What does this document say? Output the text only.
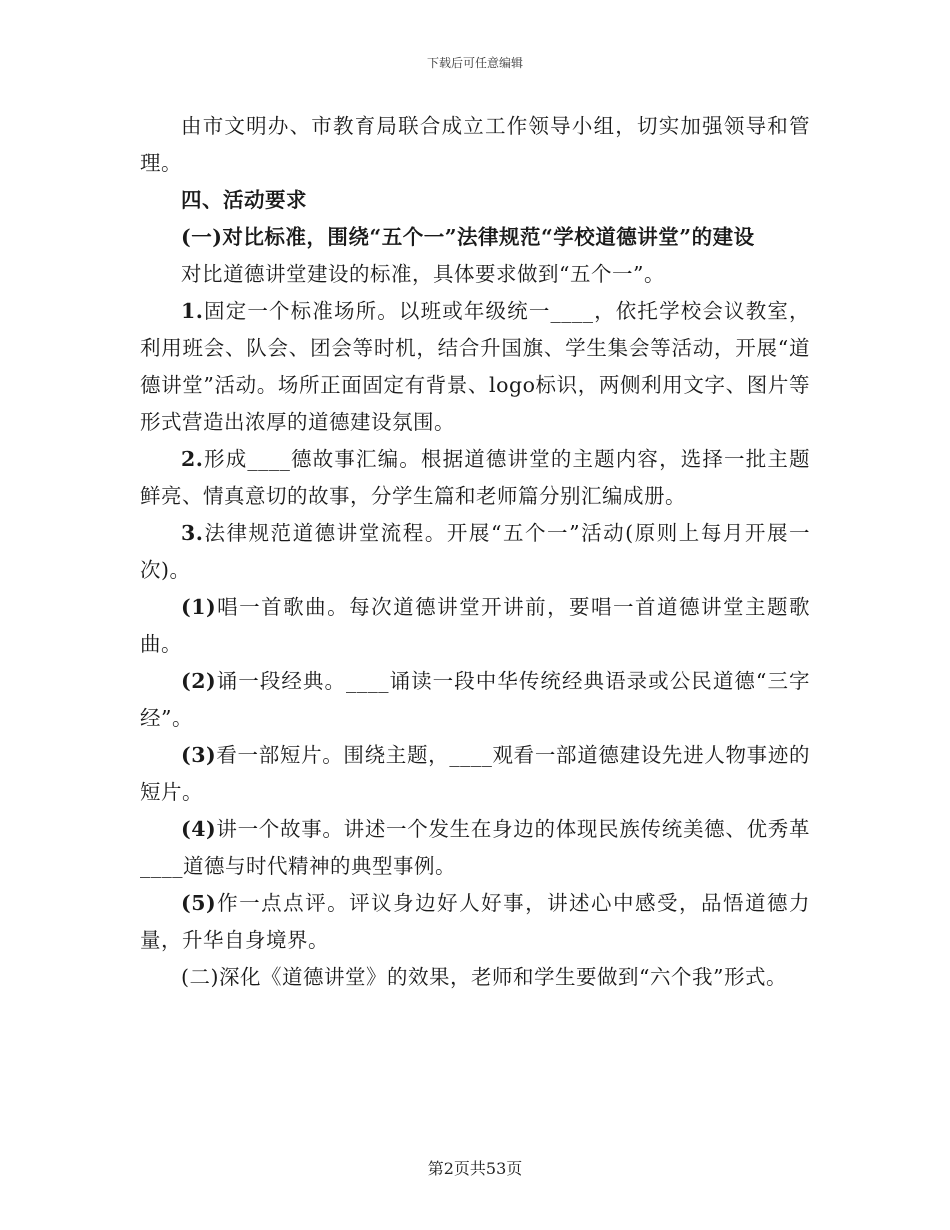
下载后可任意编辑

由市文明办、市教育局联合成立工作领导小组，切实加强领导和管理。

四、活动要求

(一)对比标准，围绕“五个一”法律规范“学校道德讲堂”的建设

对比道德讲堂建设的标准，具体要求做到“五个一”。

1.固定一个标准场所。以班或年级统一____，依托学校会议教室，利用班会、队会、团会等时机，结合升国旗、学生集会等活动，开展“道德讲堂”活动。场所正面固定有背景、logo标识，两侧利用文字、图片等形式营造出浓厚的道德建设氛围。

2.形成____德故事汇编。根据道德讲堂的主题内容，选择一批主题鲜亮、情真意切的故事，分学生篇和老师篇分别汇编成册。

3.法律规范道德讲堂流程。开展“五个一”活动(原则上每月开展一次)。

(1)唱一首歌曲。每次道德讲堂开讲前，要唱一首道德讲堂主题歌曲。

(2)诵一段经典。____诵读一段中华传统经典语录或公民道德“三字经”。

(3)看一部短片。围绕主题，____观看一部道德建设先进人物事迹的短片。

(4)讲一个故事。讲述一个发生在身边的体现民族传统美德、优秀革____道德与时代精神的典型事例。

(5)作一点点评。评议身边好人好事，讲述心中感受，品悟道德力量，升华自身境界。

(二)深化《道德讲堂》的效果，老师和学生要做到“六个我”形式。

第2页共53页
